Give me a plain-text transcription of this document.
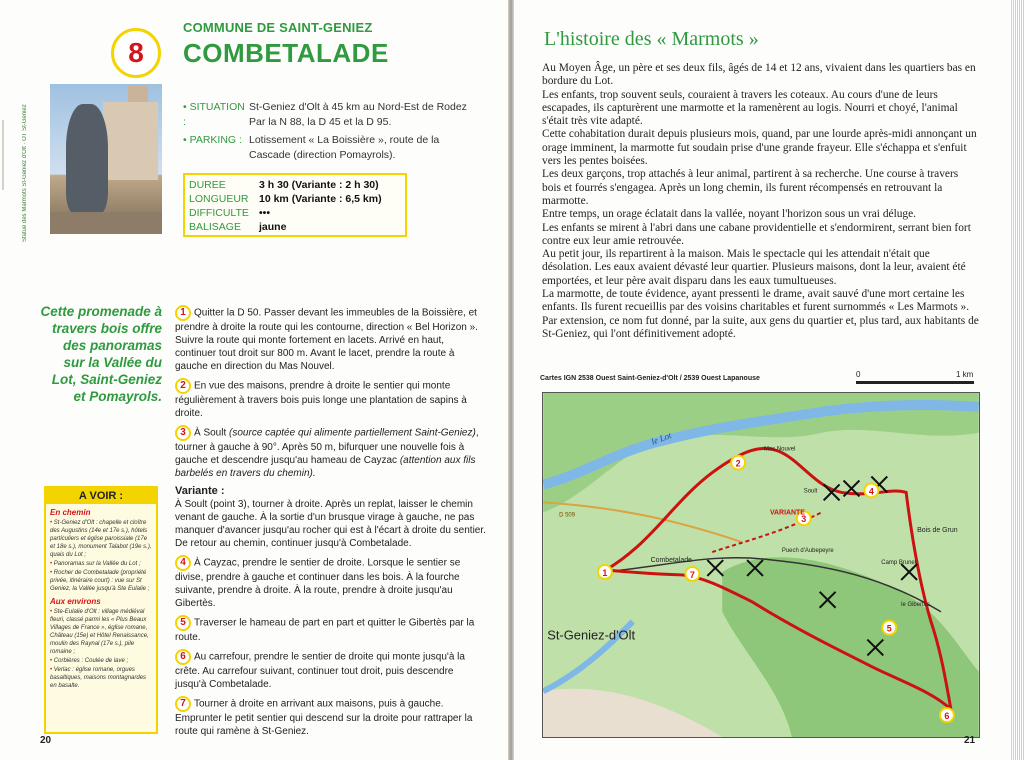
8
COMMUNE DE SAINT-GENIEZ
COMBETALADE
Statue des Marmots St-Geniez d'Olt · OT St-Geniez	• SITUATION :St-Geniez d'Olt à 45 km au Nord-Est de Rodez Par la N 88, la D 45 et la D 95.
• PARKING : Lotissement « La Boissière », route de la Cascade (direction Pomayrols).
DUREE	3 h 30 (Variante : 2 h 30)
LONGUEUR 10 km (Variante : 6,5 km)
DIFFICULTE •••
BALISAGE	jaune
Cette promenade à travers bois offre des panoramas sur la Vallée du Lot, Saint-Geniez et Pomayrols.
1 Quitter la D 50. Passer devant les immeubles de la Boissière, et prendre à droite la route qui les contourne, direction « Bel Horizon ». Suivre la route qui monte fortement en lacets. Arrivé en haut, continuer tout droit sur 800 m. Avant le lacet, prendre la route à gauche en direction du Mas Nouvel.
2 En vue des maisons, prendre à droite le sentier qui monte régulièrement à travers bois puis longe une plantation de sapins à droite.
3 À Soult (source captée qui alimente partiellement Saint-Geniez), tourner à gauche à 90°. Après 50 m, bifurquer une nouvelle fois à gauche et descendre jusqu'au hameau de Cayzac (attention aux fils barbelés en travers du chemin).
Variante :
À Soult (point 3), tourner à droite. Après un replat, laisser le chemin venant de gauche. À la sortie d'un brusque virage à gauche, ne pas manquer d'avancer jusqu'au rocher qui est à l'écart à droite du sentier. De retour au chemin, continuer jusqu'à Combetalade.
4 À Cayzac, prendre le sentier de droite. Lorsque le sentier se divise, prendre à gauche et continuer dans les bois. À la fourche suivante, prendre à droite. À la route, prendre à droite jusqu'au Gibertès.
5 Traverser le hameau de part en part et quitter le Gibertès par la route.
6 Au carrefour, prendre le sentier de droite qui monte jusqu'à la crête. Au carrefour suivant, continuer tout droit, puis descendre jusqu'à Combetalade.
7 Tourner à droite en arrivant aux maisons, puis à gauche. Emprunter le petit sentier qui descend sur la droite pour rattraper la route qui ramène à St-Geniez.
A VOIR :
En chemin
• St-Geniez d'Olt : chapelle et cloître des Augustins (14e et 17e s.), hôtels particuliers et église paroissiale (17e et 18e s.), monument Talabot (19e s.), quais du Lot ;
• Panoramas sur la Vallée du Lot ;
• Rocher de Combetalade (propriété privée, itinéraire court) : vue sur St Geniez, la Vallée jusqu'à Ste Eulalie ;
Aux environs
• Ste-Eulalie d'Olt : village médiéval fleuri, classé parmi les « Plus Beaux Villages de France », église romane, Château (15e) et Hôtel Renaissance, moulin des Raynal (17e s.), pile romaine ;
• Corbières : Coulée de lave ;
• Verlac : église romane, orgues basaltiques, maisons montagnardes en basalte.
20
L'histoire des « Marmots »

Au Moyen Âge, un père et ses deux fils, âgés de 14 et 12 ans, vivaient dans les quartiers bas en bordure du Lot.

Les enfants, trop souvent seuls, couraient à travers les coteaux. Au cours d'une de leurs escapades, ils capturèrent une marmotte et la ramenèrent au logis. Nourri et choyé, l'animal s'était très vite adapté.

Cette cohabitation durait depuis plusieurs mois, quand, par une lourde après-midi annonçant un orage imminent, la marmotte fut soudain prise d'une grande frayeur. Elle s'échappa et s'enfuit vers les pentes boisées.

Les deux garçons, trop attachés à leur animal, partirent à sa recherche. Une course à travers bois et fourrés s'engagea. Après un long chemin, ils furent récompensés en retrouvant la marmotte.

Entre temps, un orage éclatait dans la vallée, noyant l'horizon sous un vrai déluge.

Les enfants se mirent à l'abri dans une cabane providentielle et s'endormirent, serrant bien fort contre eux leur amie retrouvée.

Au petit jour, ils repartirent à la maison. Mais le spectacle qui les attendait n'était que désolation. Les eaux avaient dévasté leur quartier. Plusieurs maisons, dont la leur, avaient été emportées, et leur père avait disparu dans les eaux tumultueuses.

La marmotte, de toute évidence, ayant pressenti le drame, avait sauvé d'une mort certaine les enfants. Ils furent recueillis par des voisins charitables et furent surnommés « Les Marmots ».

Par extension, ce nom fut donné, par la suite, aux gens du quartier et, plus tard, aux habitants de St-Geniez, qui l'ont définitivement adopté.

Cartes IGN 2538 Ouest Saint-Geniez-d'Olt / 2539 Ouest Lapanouse	0	1 km
1
2
3
4
5
6
7
St-Geniez-d'Olt
le Lot
VARIANTE
Combetalade
Mas Nouvel
Soult
le Gibertès
Bois de Grun
Puech d'Aubepeyre
Camp Brunet
D 509
21
